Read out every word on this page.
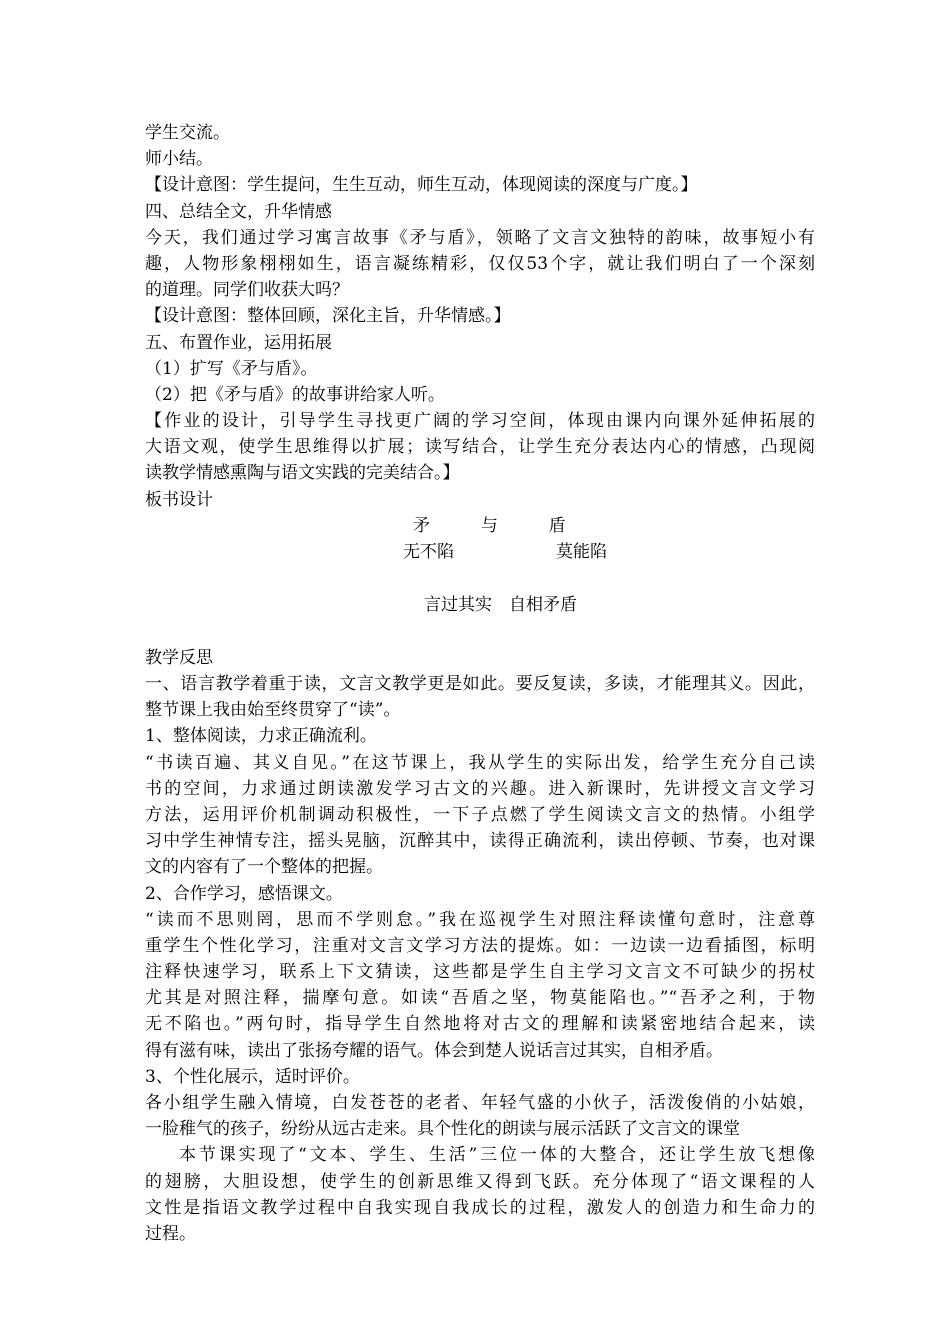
学生交流。
师小结。
【设计意图：学生提问，生生互动，师生互动，体现阅读的深度与广度。】
四、总结全文，升华情感
今天，我们通过学习寓言故事《矛与盾》，领略了文言文独特的韵味，故事短小有
趣，人物形象栩栩如生，语言凝练精彩，仅仅53个字，就让我们明白了一个深刻
的道理。同学们收获大吗？
【设计意图：整体回顾，深化主旨，升华情感。】
五、布置作业，运用拓展
（1）扩写《矛与盾》。
（2）把《矛与盾》的故事讲给家人听。
【作业的设计，引导学生寻找更广阔的学习空间，体现由课内向课外延伸拓展的
大语文观，使学生思维得以扩展；读写结合，让学生充分表达内心的情感，凸现阅
读教学情感熏陶与语文实践的完美结合。】
板书设计
矛	与	盾
无不陷	莫能陷
言过其实　自相矛盾
教学反思
一、语言教学着重于读，文言文教学更是如此。要反复读，多读，才能理其义。因此，
整节课上我由始至终贯穿了“读”。
1、整体阅读，力求正确流利。
“书读百遍、其义自见。”在这节课上，我从学生的实际出发，给学生充分自己读
书的空间，力求通过朗读激发学习古文的兴趣。进入新课时，先讲授文言文学习
方法，运用评价机制调动积极性，一下子点燃了学生阅读文言文的热情。小组学
习中学生神情专注，摇头晃脑，沉醉其中，读得正确流利，读出停顿、节奏，也对课
文的内容有了一个整体的把握。
2、合作学习，感悟课文。
“读而不思则罔，思而不学则怠。”我在巡视学生对照注释读懂句意时，注意尊
重学生个性化学习，注重对文言文学习方法的提炼。如：一边读一边看插图，标明
注释快速学习，联系上下文猜读，这些都是学生自主学习文言文不可缺少的拐杖
尤其是对照注释，揣摩句意。如读“吾盾之坚，物莫能陷也。”“吾矛之利，于物
无不陷也。”两句时，指导学生自然地将对古文的理解和读紧密地结合起来，读
得有滋有味，读出了张扬夸耀的语气。体会到楚人说话言过其实，自相矛盾。
3、个性化展示，适时评价。
各小组学生融入情境，白发苍苍的老者、年轻气盛的小伙子，活泼俊俏的小姑娘，
一脸稚气的孩子，纷纷从远古走来。具个性化的朗读与展示活跃了文言文的课堂
本节课实现了“文本、学生、生活”三位一体的大整合，还让学生放飞想像
的翅膀，大胆设想，使学生的创新思维又得到飞跃。充分体现了“语文课程的人
文性是指语文教学过程中自我实现自我成长的过程，激发人的创造力和生命力的
过程。
